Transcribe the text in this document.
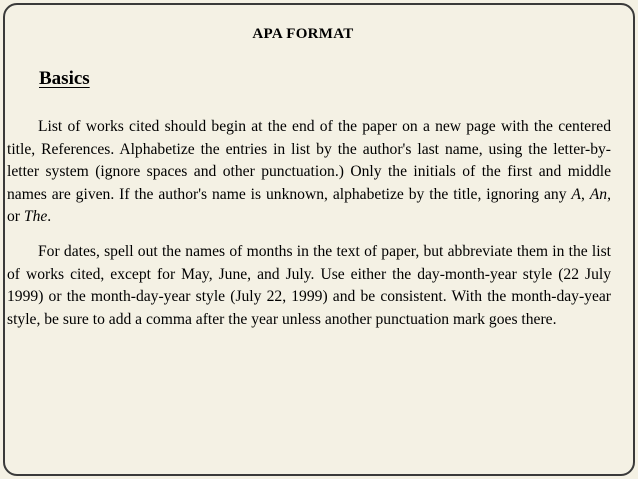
APA FORMAT
Basics

List of works cited should begin at the end of the paper on a new page with the centered title, References. Alphabetize the entries in list by the author's last name, using the letter-by-letter system (ignore spaces and other punctuation.) Only the initials of the first and middle names are given. If the author's name is unknown, alphabetize by the title, ignoring any A, An, or The.

For dates, spell out the names of months in the text of paper, but abbreviate them in the list of works cited, except for May, June, and July. Use either the day-month-year style (22 July 1999) or the month-day-year style (July 22, 1999) and be consistent. With the month-day-year style, be sure to add a comma after the year unless another punctuation mark goes there.
